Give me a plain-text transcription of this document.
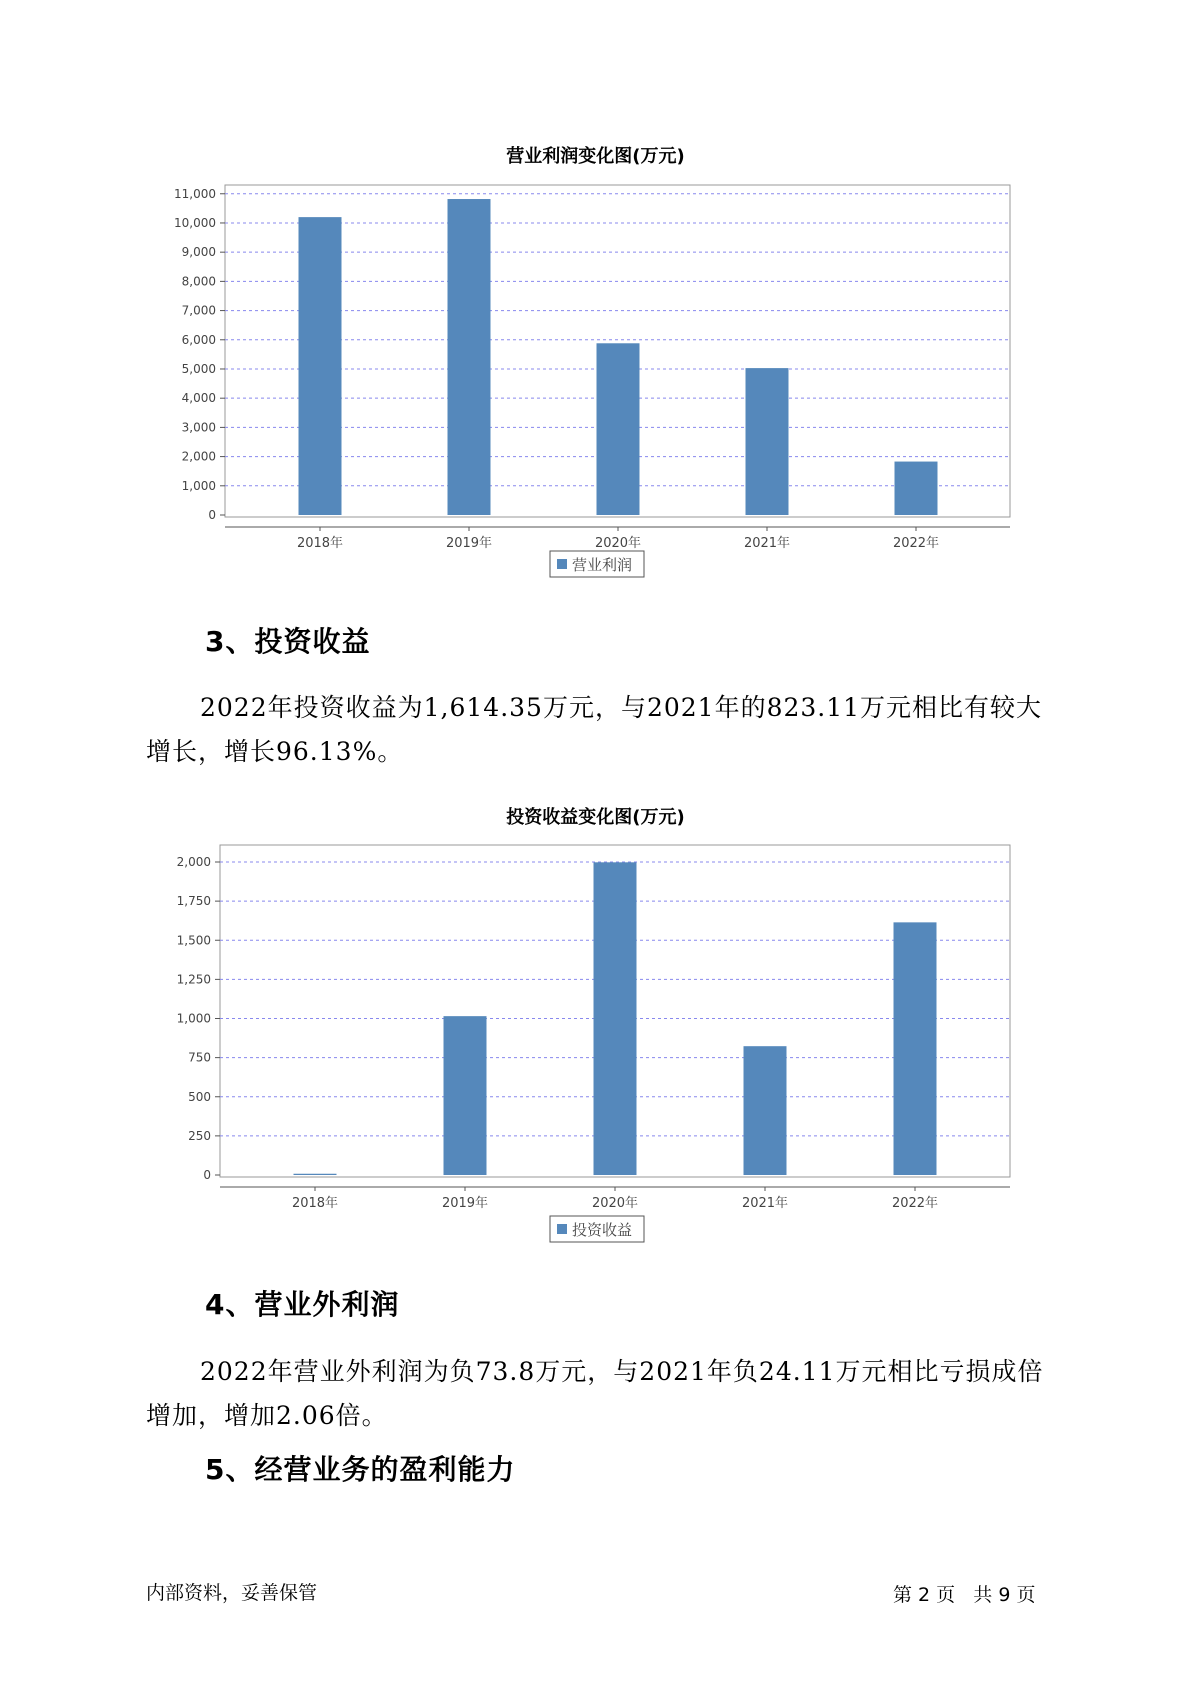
营业利润变化图(万元)
0
1,000
2,000
3,000
4,000
5,000
6,000
7,000
8,000
9,000
10,000
11,000
2018年	2019年	2020年	2021年	2022年
营业利润
3、投资收益
2022年投资收益为1,614.35万元，与2021年的823.11万元相比有较大
增长，增长96.13%。
投资收益变化图(万元)
0
250
500
750
1,000
1,250
1,500
1,750
2,000
2018年	2019年	2020年	2021年	2022年
投资收益
4、营业外利润
2022年营业外利润为负73.8万元，与2021年负24.11万元相比亏损成倍
增加，增加2.06倍。
5、经营业务的盈利能力
内部资料，妥善保管	第 2 页   共 9 页
